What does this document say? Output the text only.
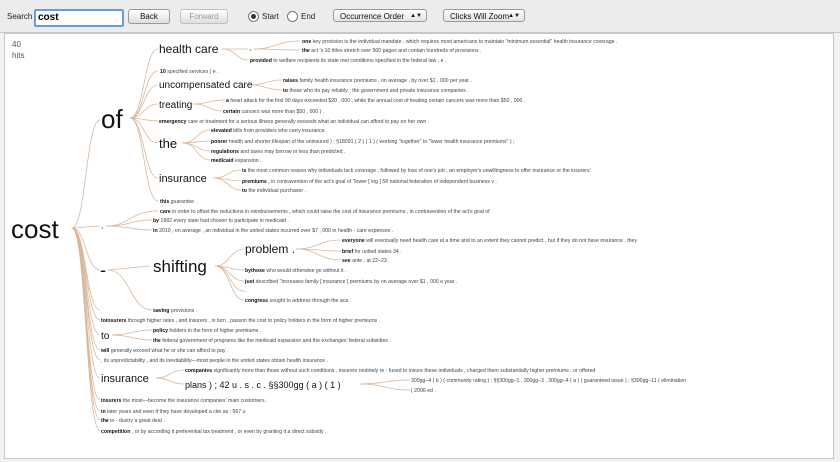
Search cost	Back	Forward	Start	End	Occurrence Order ▲▼	Clicks Will Zoom ▲▼
40
hits
cost
of
health care	,
one key provision is the individual mandate , which requires most americans to maintain "minimum essential" health insurance coverage .
the act 's 10 titles stretch over 900 pages and contain hundreds of provisions .
provided to welfare recipients its state met conditions specified in the federal law , e .
10 specified services ( e .
uncompensated care	raises family health insurance premiums , on average , by over $1 , 000 per year .
to those who do pay reliably ; the government and private insurance companies .
treating	a heart attack for the first 90 days exceeded $20 , 000 , while the annual cost of treating certain cancers was more than $50 , 000 .
certain cancers was more than $50 , 000 ) .
emergency care or treatment for a serious illness generally exceeds what an individual can afford to pay on her own .
the
elevated bills from providers who carry insurance .
poorer health and shorter lifespan of the uninsured ) ; §18091 ( 2 ) ( 1 ) ( working "together" to "lower health insurance premiums" ) ;
regulations and taxes may borrow or less than predicted .
medicaid expansion .
insurance
is the most common reason why individuals lack coverage , followed by loss of one's job , an employer's unwillingness to offer insurance or the insurers'
premiums , in contravention of the act's goal of "lower [ ing ] 58 national federation of independent business v .
to the individual purchaser .
this guarantee .
,
care in order to offset the reductions in reimbursements , which could raise the cost of insurance premiums , in contravention of the act's goal of
by 1982 every state had chosen to participate in medicaid .
in 2010 , on average , an individual in the united states incurred over $7 , 000 in health - care expenses .
-	shifting
problem .
everyone will eventually need health care at a time and to an extent they cannot predict , but if they do not have insurance , they
brief for united states 34 .
see ante , at 22–23 .
bythose who would otherwise go without it .
just described "increases family [ insurance ] premiums by on average over $1 , 000 a year .
.
congress sought to address through the aca .
saving provisions .
toinsurers through higher rates , and insurers , in turn , passon the cost to policy holders in the form of higher premiums .
to	policy holders in the form of higher premiums .
the federal government of programs like the medicaid expansion and the exchanges' federal subsidies .
will generally exceed what he or she can afford to pay .
, its unpredictability , and its inevitability—most people in the united states obtain health insurance .
insurance
companies significantly more than those without such conditions , insurers routinely re - fused to insure these individuals , charged them substantially higher premiums , or offered
plans ) ; 42 u . s . c . §§300gg ( a ) ( 1 )	300gg–4 ( b ) ( community rating ) ; §§300gg–1 , 300gg–3 , 300gg–4 ( a ) ( guaranteed issue ) ; §300gg–11 ( elimination
( 2006 ed .
insurers the most—become the insurance companies' main customers .
in later years and even if they have developed a cite as : 567 u
the in - dustry a great deal .
competition , or by according it preferential tax treatment , or even by granting it a direct subsidy .
